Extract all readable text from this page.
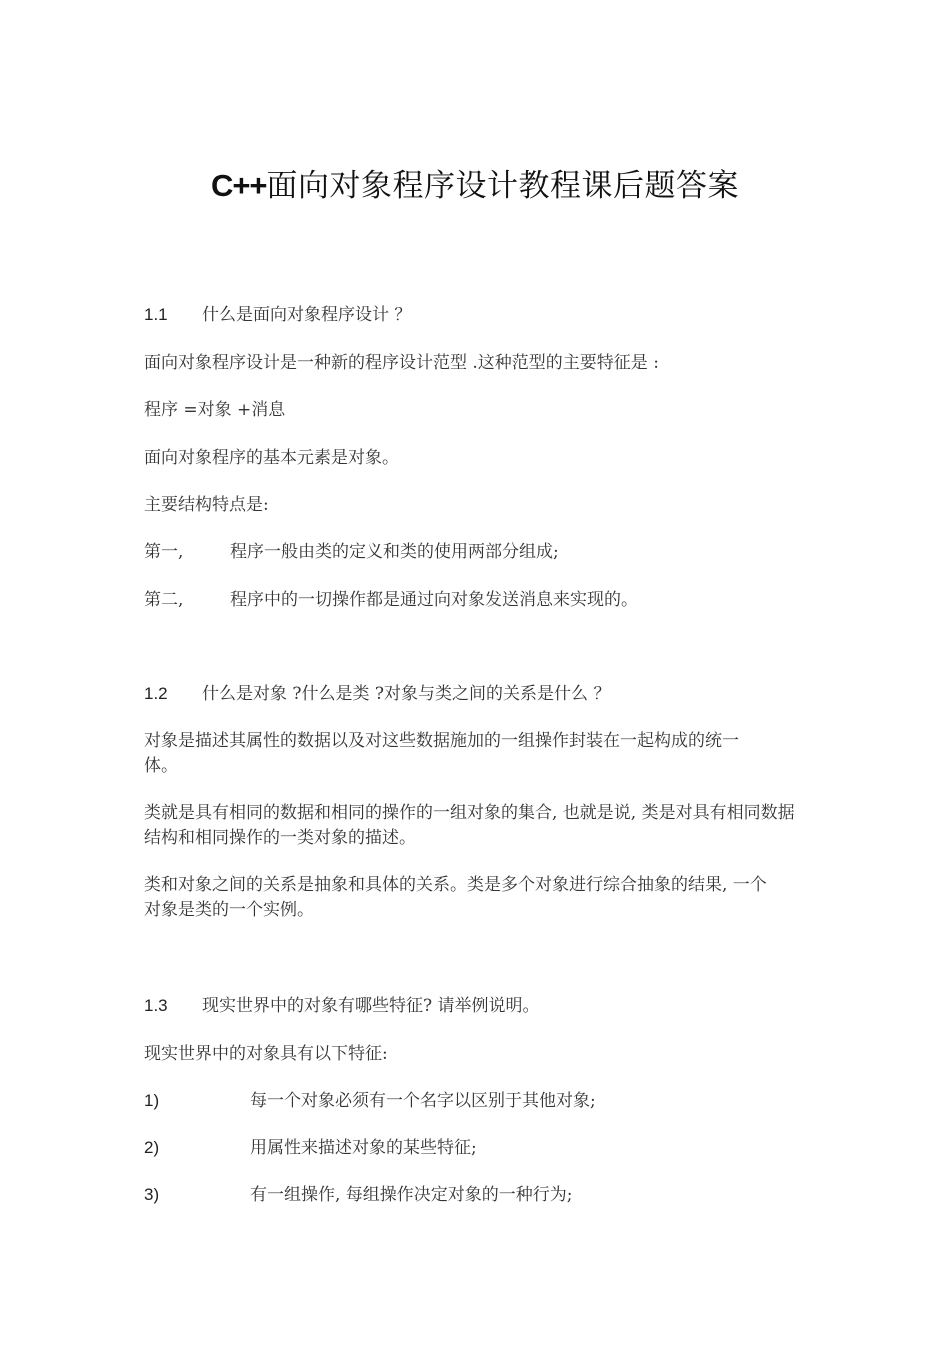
C++面向对象程序设计教程课后题答案
1.1 什么是面向对象程序设计 ？
面向对象程序设计是一种新的程序设计范型 .这种范型的主要特征是 :
程序 =对象 +消息
面向对象程序的基本元素是对象。
主要结构特点是:
第一,	程序一般由类的定义和类的使用两部分组成;
第二,	程序中的一切操作都是通过向对象发送消息来实现的。
1.2 什么是对象 ?什么是类 ?对象与类之间的关系是什么 ？
对象是描述其属性的数据以及对这些数据施加的一组操作封装在一起构成的统一体。
类就是具有相同的数据和相同的操作的一组对象的集合, 也就是说, 类是对具有相同数据结构和相同操作的一类对象的描述。
类和对象之间的关系是抽象和具体的关系。类是多个对象进行综合抽象的结果, 一个对象是类的一个实例。
1.3 现实世界中的对象有哪些特征? 请举例说明。
现实世界中的对象具有以下特征:
1)	每一个对象必须有一个名字以区别于其他对象;
2)	用属性来描述对象的某些特征;
3)	有一组操作, 每组操作决定对象的一种行为;
